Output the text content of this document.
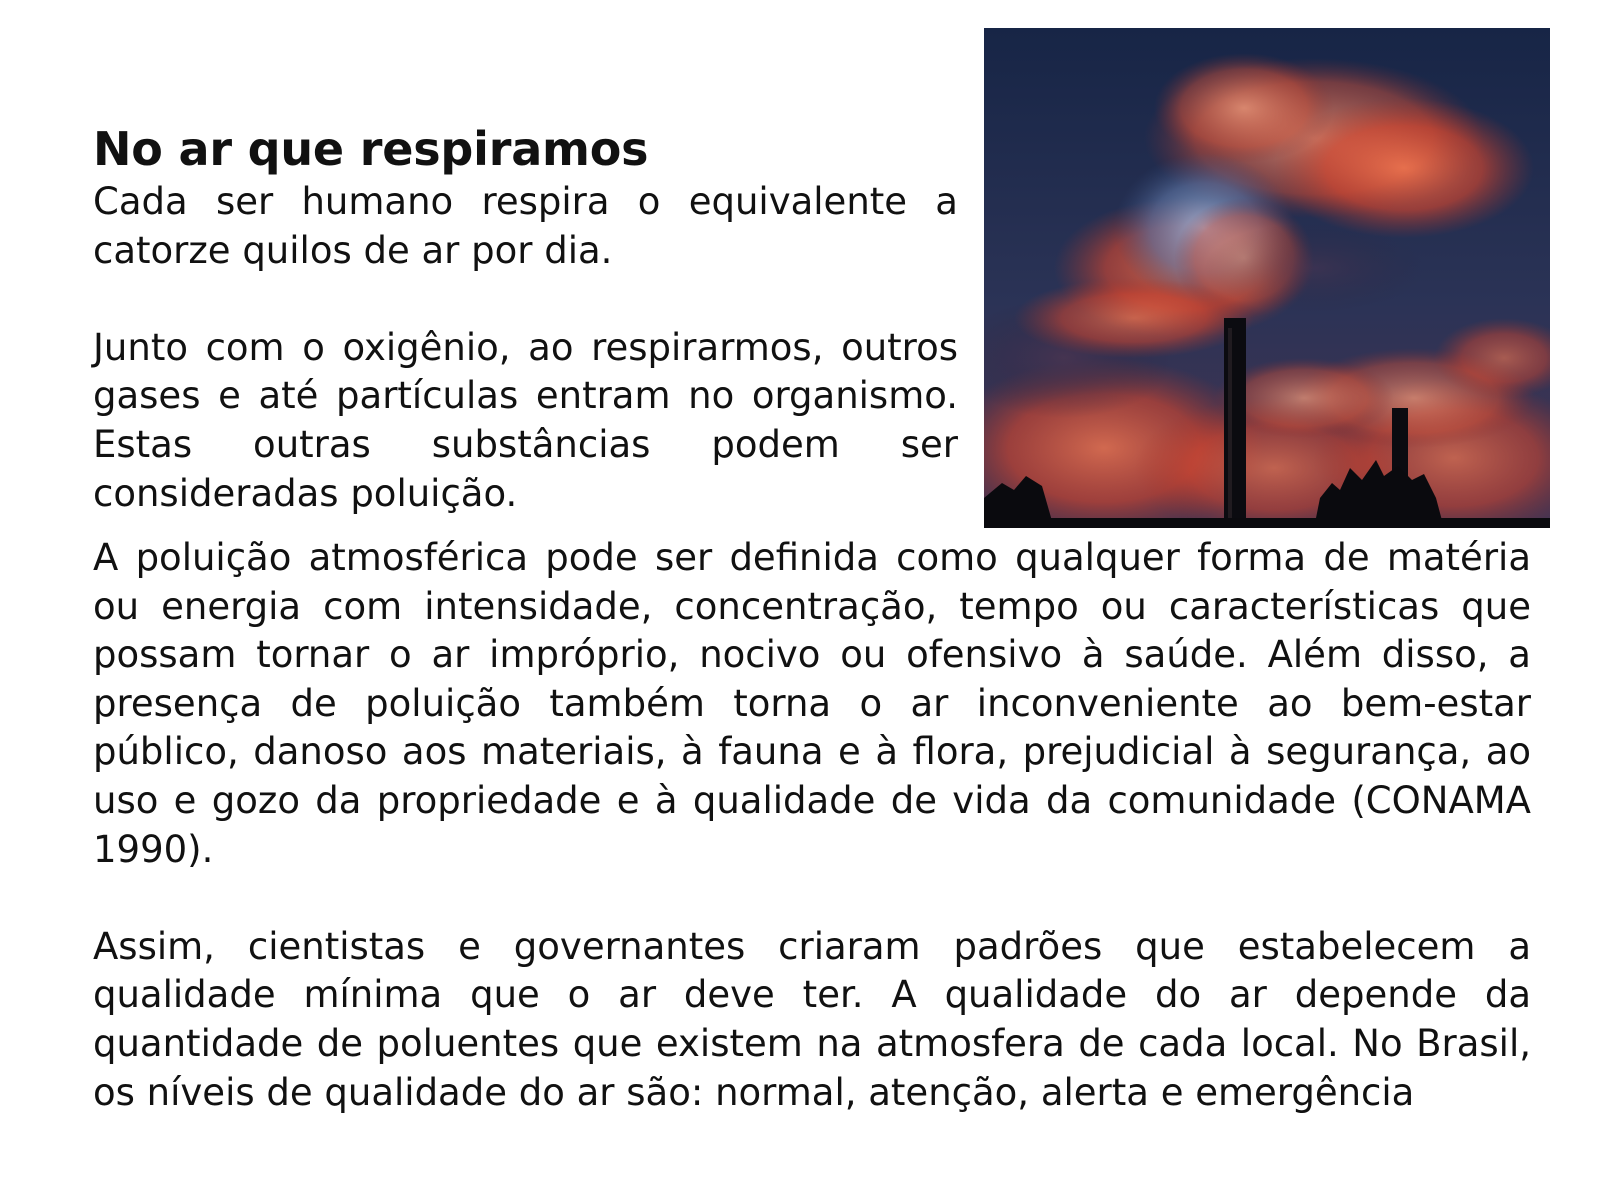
No ar que respiramos

Cada ser humano respira o equivalente a catorze quilos de ar por dia.

Junto com o oxigênio, ao respirarmos, outros gases e até partículas entram no organismo. Estas outras substâncias podem ser consideradas poluição.

A poluição atmosférica pode ser definida como qualquer forma de matéria ou energia com intensidade, concentração, tempo ou características que possam tornar o ar impróprio, nocivo ou ofensivo à saúde. Além disso, a presença de poluição também torna o ar inconveniente ao bem-estar público, danoso aos materiais, à fauna e à flora, prejudicial à segurança, ao uso e gozo da propriedade e à qualidade de vida da comunidade (CONAMA 1990).

Assim, cientistas e governantes criaram padrões que estabelecem a qualidade mínima que o ar deve ter. A qualidade do ar depende da quantidade de poluentes que existem na atmosfera de cada local. No Brasil, os níveis de qualidade do ar são: normal, atenção, alerta e emergência
